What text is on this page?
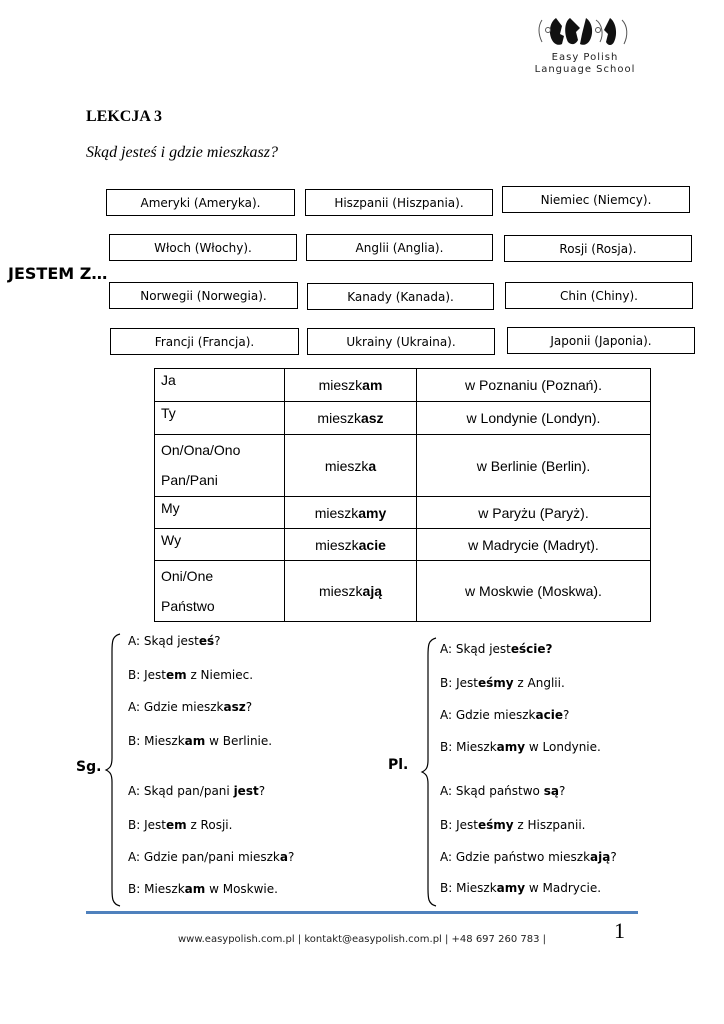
Easy Polish
Language School
LEKCJA 3
Skąd jesteś i gdzie mieszkasz?
JESTEM Z…
Ameryki (Ameryka).	Hiszpanii (Hiszpania).	Niemiec (Niemcy).
Włoch (Włochy).	Anglii (Anglia).	Rosji (Rosja).
Norwegii (Norwegia).	Kanady (Kanada).	Chin (Chiny).
Francji (Francja).	Ukrainy (Ukraina).	Japonii (Japonia).
Ja	mieszkam	w Poznaniu (Poznań).

Ty	mieszkasz	w Londynie (Londyn).

On/Ona/Ono
Pan/Pani	mieszka	w Berlinie (Berlin).

My	mieszkamy	w Paryżu (Paryż).

Wy	mieszkacie	w Madrycie (Madryt).

Oni/One
Państwo	mieszkają	w Moskwie (Moskwa).
Sg.	Pl.
A: Skąd jesteś?
B: Jestem z Niemiec.
A: Gdzie mieszkasz?
B: Mieszkam w Berlinie.
A: Skąd pan/pani jest?
B: Jestem z Rosji.
A: Gdzie pan/pani mieszka?
B: Mieszkam w Moskwie.
A: Skąd jesteście?
B: Jesteśmy z Anglii.
A: Gdzie mieszkacie?
B: Mieszkamy w Londynie.
A: Skąd państwo są?
B: Jesteśmy z Hiszpanii.
A: Gdzie państwo mieszkają?
B: Mieszkamy w Madrycie.
www.easypolish.com.pl | kontakt@easypolish.com.pl | +48 697 260 783 |	1
